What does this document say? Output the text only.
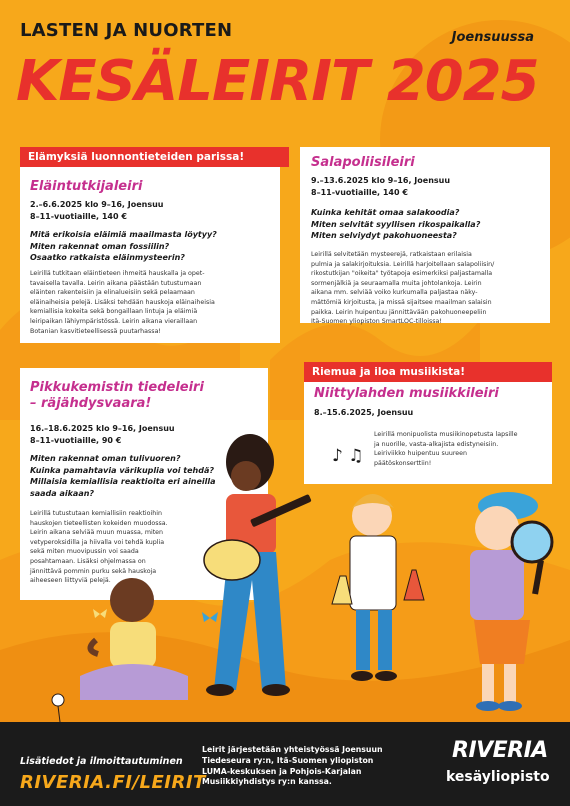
LASTEN JA NUORTEN	Joensuussa
KESÄLEIRIT 2025
Elämyksiä luonnontieteiden parissa!
Eläintutkijaleiri
2.–6.6.2025 klo 9–16, Joensuu
8–11-vuotiaille, 140 €
Mitä erikoisia eläimiä maailmasta löytyy?
Miten rakennat oman fossiilin?
Osaatko ratkaista eläinmysteerin?
Leirillä tutkitaan eläintieteen ihmeitä hauskalla ja opet-
tavaisella tavalla. Leirin aikana päästään tutustumaan
eläinten rakenteisiin ja elinalueisiin sekä pelaamaan
eläinaiheisia pelejä. Lisäksi tehdään hauskoja eläinaiheisia
kemiallisia kokeita sekä bongaillaan lintuja ja eläimiä
leiripaikan lähiympäristössä. Leirin aikana vieraillaan
Botanian kasvitieteellisessä puutarhassa!
Salapoliisileiri
9.–13.6.2025 klo 9–16, Joensuu
8–11-vuotiaille, 140 €
Kuinka kehität omaa salakoodia?
Miten selvität syyllisen rikospaikalla?
Miten selviydyt pakohuoneesta?
Leirillä selvitetään mysteerejä, ratkaistaan erilaisia
pulmia ja salakirjoituksia. Leirillä harjoitellaan salapoliisin/
rikostutkijan "oikeita" työtapoja esimerkiksi paljastamalla
sormenjälkiä ja seuraamalla muita johtolankoja. Leirin
aikana mm. selviää voiko kurkumalla paljastaa näky-
mättömiä kirjoitusta, ja missä sijaitsee maailman salaisin
paikka. Leirin huipentuu jännittävään pakohuoneepeliin
Itä-Suomen yliopiston SmartLOC-tilloissa!
Pikkukemistin tiedeleiri
– räjähdysvaara!
16.–18.6.2025 klo 9–16, Joensuu
8–11-vuotiaille, 90 €
Miten rakennat oman tulivuoren?
Kuinka pamahtavia värikuplia voi tehdä?
Millaisia kemiallisia reaktioita eri aineilla
saada aikaan?
Leirillä tutustutaan kemiallisiin reaktioihin
hauskojen tieteellisten kokeiden muodossa.
Leirin aikana selviää muun muassa, miten
vetyperoksidilla ja hiivalla voi tehdä kuplia
sekä miten muovipussin voi saada
posahtamaan. Lisäksi ohjelmassa on
jännittävä pommin purku sekä hauskoja
aiheeseen liittyviä pelejä.
Riemua ja iloa musiikista!
Niittylahden musiikkileiri
8.–15.6.2025, Joensuu
Leirillä monipuolista musiikinopetusta lapsille
ja nuorille, vasta-alkajista edistyneisiin.
Leiriviikko huipentuu suureen
päätöskonserttiin!
♪ ♫
Lisätiedot ja ilmoittautuminen
RIVERIA.FI/LEIRIT
Leirit järjestetään yhteistyössä Joensuun
Tiedeseura ry:n, Itä-Suomen yliopiston
LUMA-keskuksen ja Pohjois-Karjalan
Musiikkiyhdistys ry:n kanssa.
RIVERIA
kesäyliopisto
